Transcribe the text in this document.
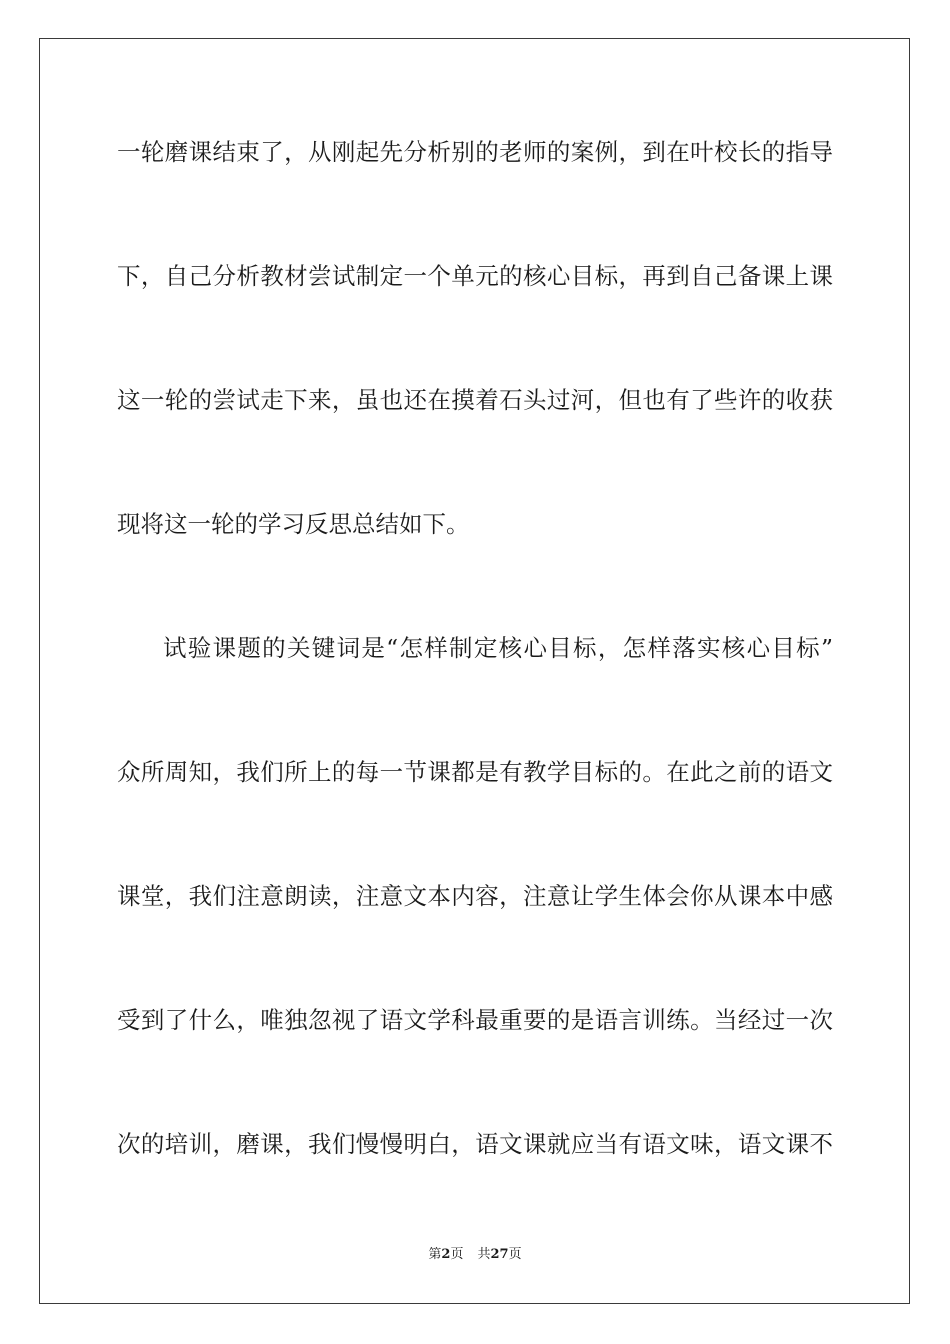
一轮磨课结束了，从刚起先分析别的老师的案例，到在叶校长的指导
下，自己分析教材尝试制定一个单元的核心目标，再到自己备课上课
这一轮的尝试走下来，虽也还在摸着石头过河，但也有了些许的收获
现将这一轮的学习反思总结如下。
试验课题的关键词是“怎样制定核心目标，怎样落实核心目标”
众所周知，我们所上的每一节课都是有教学目标的。在此之前的语文
课堂，我们注意朗读，注意文本内容，注意让学生体会你从课本中感
受到了什么，唯独忽视了语文学科最重要的是语言训练。当经过一次
次的培训，磨课，我们慢慢明白，语文课就应当有语文味，语文课不
第2页 共27页
